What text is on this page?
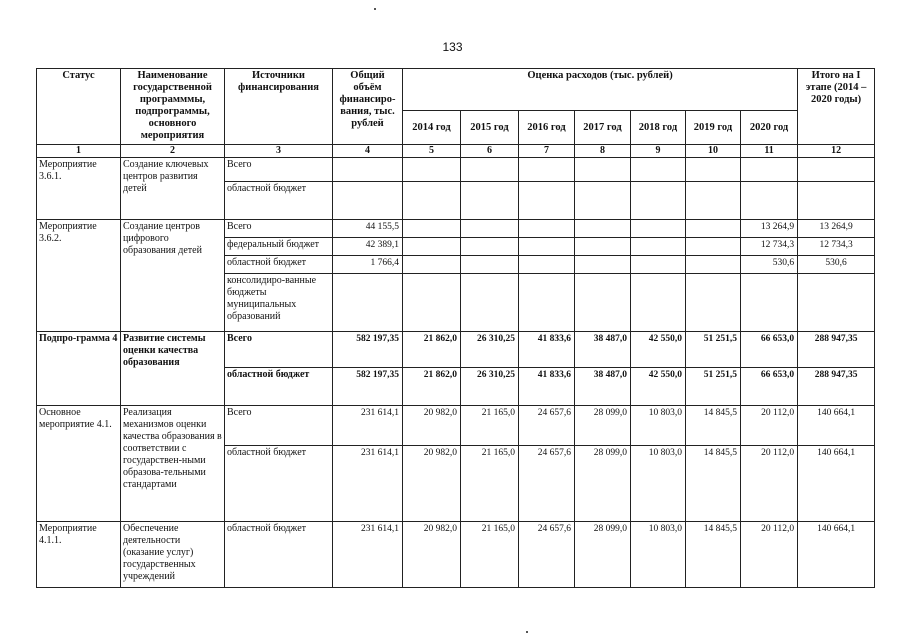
133
Статус	Наименование государственной программмы, подпрограммы, основного мероприятия	Источники финансирования	Общий объём финансиро-вания, тыс. рублей	Оценка расходов (тыс. рублей)							Итого на I этапе (2014 – 2020 годы)
				2014 год	2015 год	2016 год	2017 год	2018 год	2019 год	2020 год	
1	2	3	4	5	6	7	8	9	10	11	12
Мероприятие 3.6.1.	Создание ключевых центров развития детей	Всего									
		областной бюджет									
Мероприятие 3.6.2.	Создание центров цифрового образования детей	Всего	44 155,5							13 264,9	13 264,9
		федеральный бюджет	42 389,1							12 734,3	12 734,3
		областной бюджет	1 766,4							530,6	530,6
		консолидиро-ванные бюджеты муниципальных образований									
Подпро-грамма 4	Развитие системы оценки качества образования	Всего	582 197,35	21 862,0	26 310,25	41 833,6	38 487,0	42 550,0	51 251,5	66 653,0	288 947,35
		областной бюджет	582 197,35	21 862,0	26 310,25	41 833,6	38 487,0	42 550,0	51 251,5	66 653,0	288 947,35
Основное мероприятие 4.1.	Реализация механизмов оценки качества образования в соответствии с государствен-ными образова-тельными стандартами	Всего	231 614,1	20 982,0	21 165,0	24 657,6	28 099,0	10 803,0	14 845,5	20 112,0	140 664,1
		областной бюджет	231 614,1	20 982,0	21 165,0	24 657,6	28 099,0	10 803,0	14 845,5	20 112,0	140 664,1
Мероприятие 4.1.1.	Обеспечение деятельности (оказание услуг) государственных учреждений	областной бюджет	231 614,1	20 982,0	21 165,0	24 657,6	28 099,0	10 803,0	14 845,5	20 112,0	140 664,1
